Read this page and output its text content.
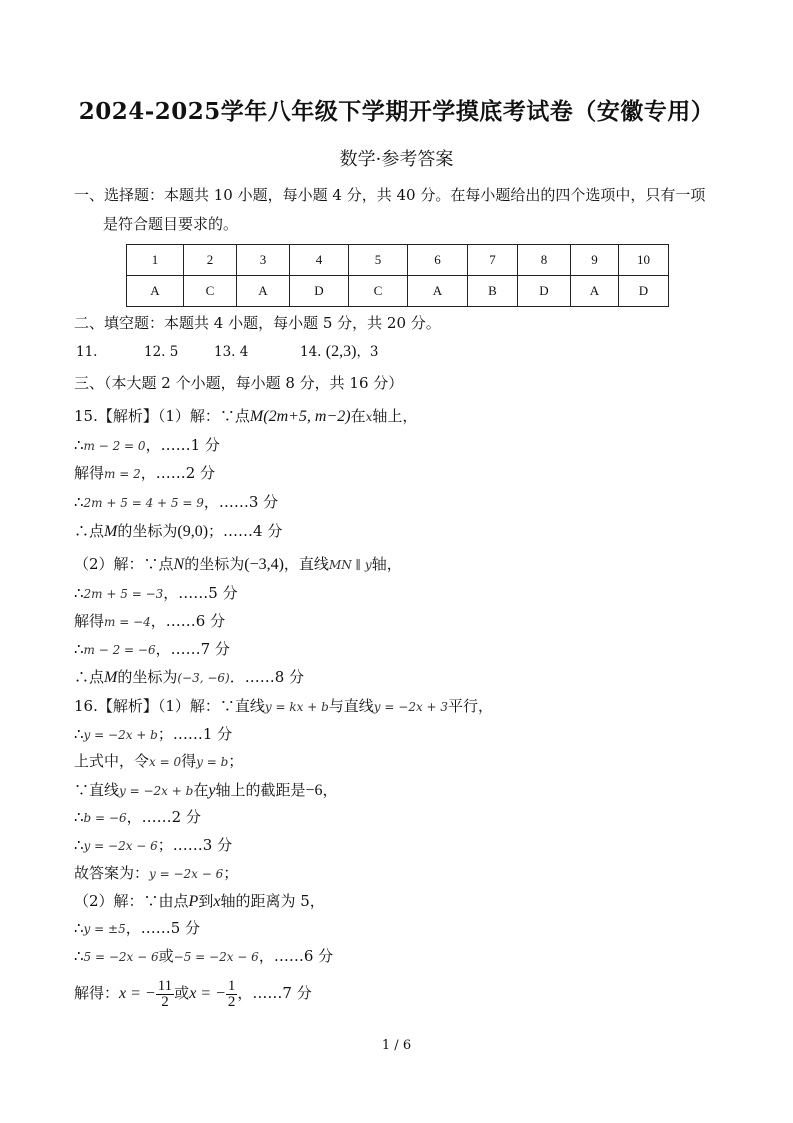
2024-2025学年八年级下学期开学摸底考试卷（安徽专用）
数学·参考答案
一、选择题：本题共 10 小题，每小题 4 分，共 40 分。在每小题给出的四个选项中，只有一项
是符合题目要求的。
1	2	3	4	5	6	7	8	9	10
A	C	A	D	C	A	B	D	A	D
二、填空题：本题共 4 小题，每小题 5 分，共 20 分。
11.	12. 5	13. 4	14. (2,3)，3
三、（本大题 2 个小题，每小题 8 分，共 16 分）
15.【解析】（1）解：∵点M(2m+5, m−2)在x轴上，
∴m − 2 = 0，……1 分
解得m = 2，……2 分
∴2m + 5 = 4 + 5 = 9，……3 分
∴点M的坐标为(9,0)；……4 分
（2）解：∵点N的坐标为(−3,4)，直线MN ∥ y轴，
∴2m + 5 = −3，……5 分
解得m = −4，……6 分
∴m − 2 = −6，……7 分
∴点M的坐标为(−3, −6)．……8 分
16.【解析】（1）解：∵直线y = kx + b与直线y = −2x + 3平行，
∴y = −2x + b；……1 分
上式中，令x = 0得y = b；
∵直线y = −2x + b在y轴上的截距是−6，
∴b = −6，……2 分
∴y = −2x − 6；……3 分
故答案为：y = −2x − 6；
（2）解：∵由点P到x轴的距离为 5，
∴y = ±5，……5 分
∴5 = −2x − 6或−5 = −2x − 6，……6 分
解得：x = − $\frac{11}{2}$ 或x = − $\frac{1}{2}$ ，……7 分
1 / 6
